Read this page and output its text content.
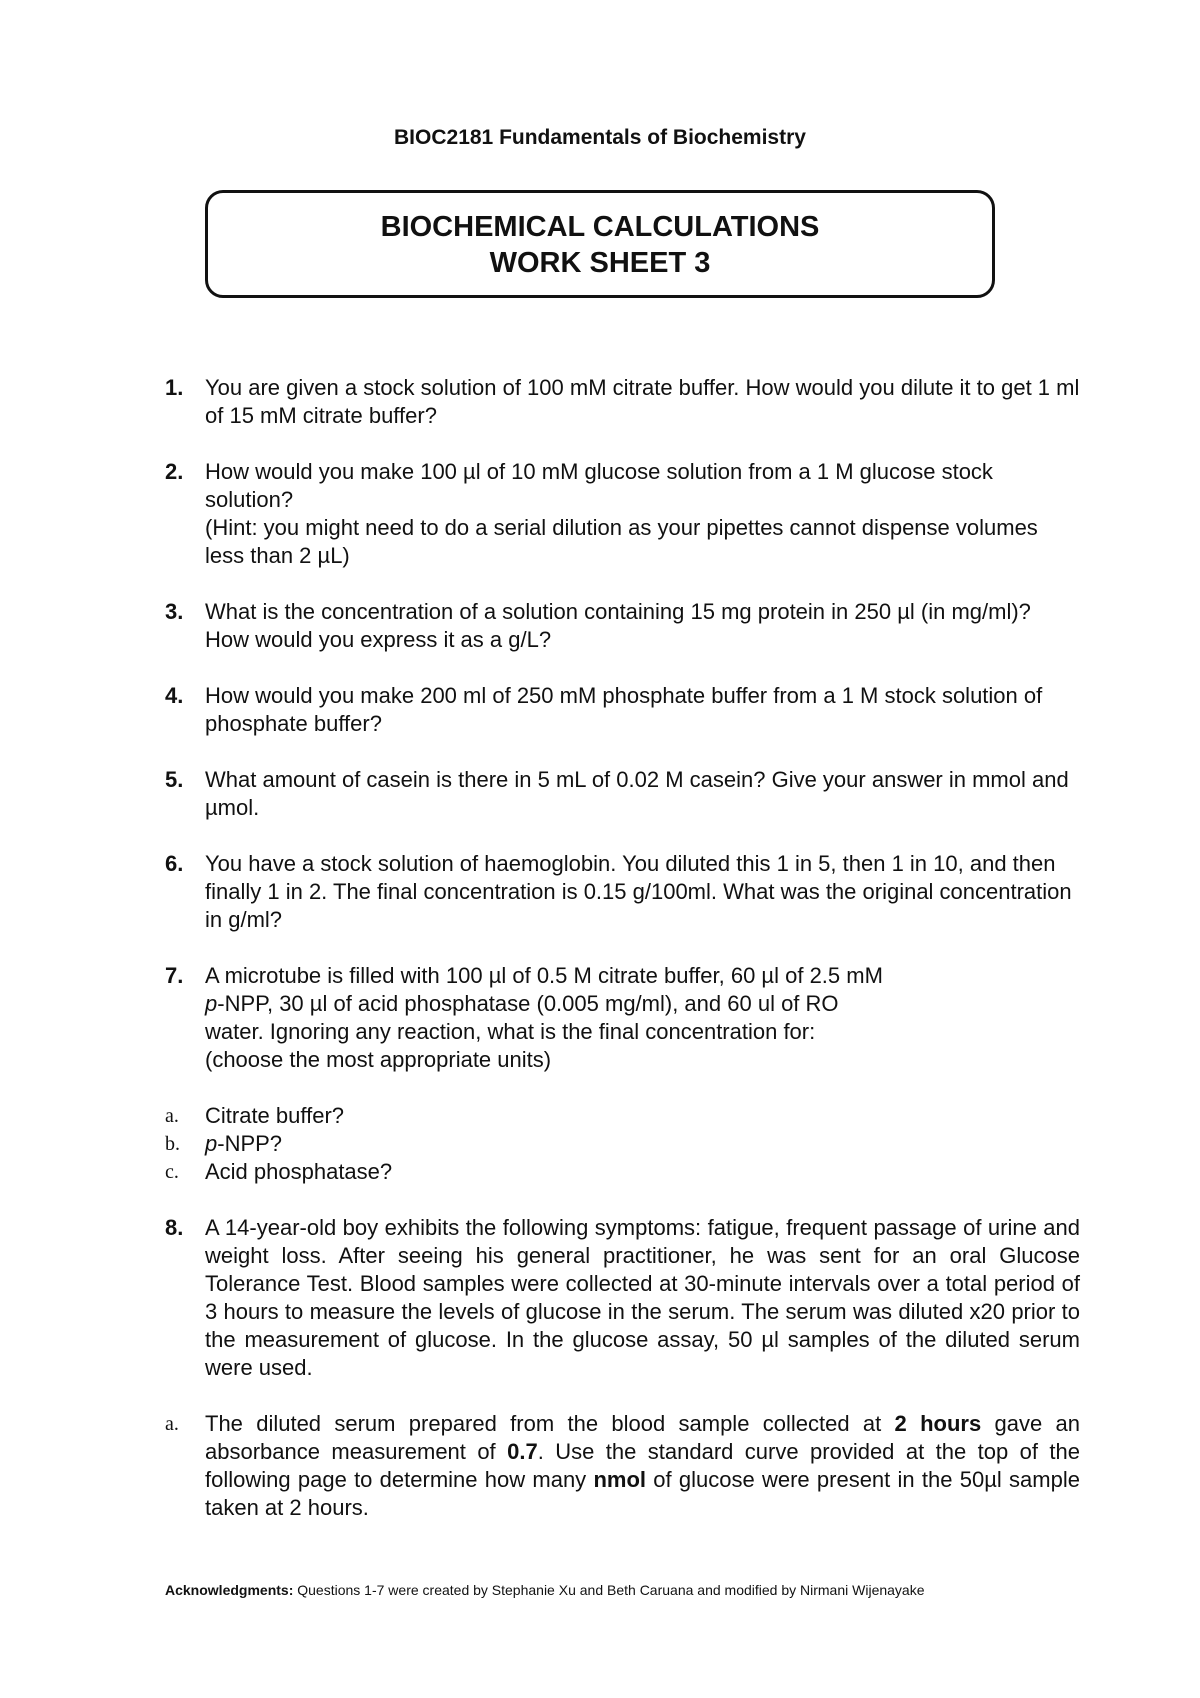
BIOC2181 Fundamentals of Biochemistry
BIOCHEMICAL CALCULATIONS
WORK SHEET 3
1. You are given a stock solution of 100 mM citrate buffer. How would you dilute it to get 1 ml of 15 mM citrate buffer?

2. How would you make 100 µl of 10 mM glucose solution from a 1 M glucose stock solution?

(Hint: you might need to do a serial dilution as your pipettes cannot dispense volumes less than 2 µL)

3. What is the concentration of a solution containing 15 mg protein in 250 µl (in mg/ml)?

How would you express it as a g/L?

4. How would you make 200 ml of 250 mM phosphate buffer from a 1 M stock solution of phosphate buffer?

5. What amount of casein is there in 5 mL of 0.02 M casein? Give your answer in mmol and µmol.

6. You have a stock solution of haemoglobin. You diluted this 1 in 5, then 1 in 10, and then finally 1 in 2. The final concentration is 0.15 g/100ml. What was the original concentration in g/ml?

7. A microtube is filled with 100 µl of 0.5 M citrate buffer, 60 µl of 2.5 mM

p-NPP, 30 µl of acid phosphatase (0.005 mg/ml), and 60 ul of RO

water. Ignoring any reaction, what is the final concentration for:

(choose the most appropriate units)

a.	Citrate buffer?
b.	p-NPP?
c.	Acid phosphatase?
8. A 14-year-old boy exhibits the following symptoms: fatigue, frequent passage of urine and weight loss. After seeing his general practitioner, he was sent for an oral Glucose Tolerance Test. Blood samples were collected at 30-minute intervals over a total period of 3 hours to measure the levels of glucose in the serum. The serum was diluted x20 prior to the measurement of glucose. In the glucose assay, 50 µl samples of the diluted serum were used.

a.	The diluted serum prepared from the blood sample collected at 2 hours gave an absorbance measurement of 0.7. Use the standard curve provided at the top of the following page to determine how many nmol of glucose were present in the 50µl sample taken at 2 hours.
Acknowledgments: Questions 1-7 were created by Stephanie Xu and Beth Caruana and modified by Nirmani Wijenayake
